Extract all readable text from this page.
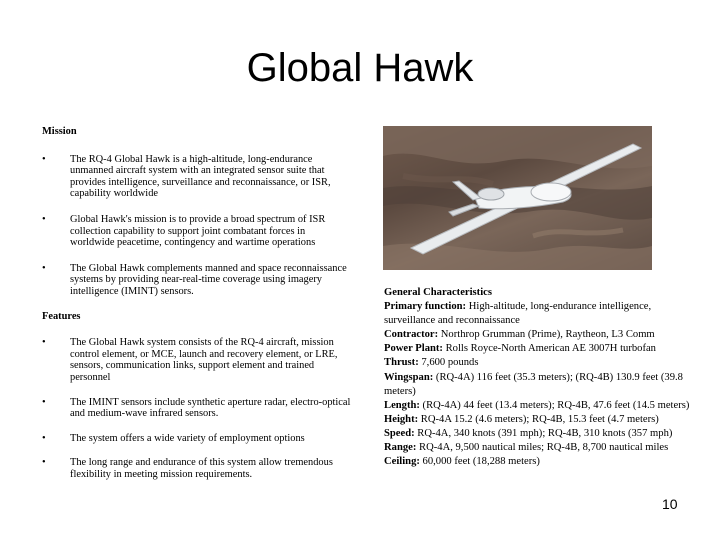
Global Hawk

Mission

• The RQ-4 Global Hawk is a high-altitude, long-endurance unmanned aircraft system with an integrated sensor suite that provides intelligence, surveillance and reconnaissance, or ISR, capability worldwide
• Global Hawk's mission is to provide a broad spectrum of ISR collection capability to support joint combatant forces in worldwide peacetime, contingency and wartime operations
• The Global Hawk complements manned and space reconnaissance systems by providing near-real-time coverage using imagery intelligence (IMINT) sensors.

Features

• The Global Hawk system consists of the RQ-4 aircraft, mission control element, or MCE, launch and recovery element, or LRE, sensors, communication links, support element and trained personnel
• The IMINT sensors include synthetic aperture radar, electro-optical and medium-wave infrared sensors.
• The system offers a wide variety of employment options
• The long range and endurance of this system allow tremendous flexibility in meeting mission requirements.

General Characteristics

Primary function: High-altitude, long-endurance intelligence, surveillance and reconnaissance

Contractor: Northrop Grumman (Prime), Raytheon, L3 Comm

Power Plant: Rolls Royce-North American AE 3007H turbofan

Thrust: 7,600 pounds

Wingspan: (RQ-4A) 116 feet (35.3 meters); (RQ-4B) 130.9 feet (39.8 meters)

Length: (RQ-4A) 44 feet (13.4 meters); RQ-4B, 47.6 feet (14.5 meters)

Height: RQ-4A 15.2 (4.6 meters); RQ-4B, 15.3 feet (4.7 meters)

Speed: RQ-4A, 340 knots (391 mph); RQ-4B, 310 knots (357 mph)

Range: RQ-4A, 9,500 nautical miles; RQ-4B, 8,700 nautical miles

Ceiling: 60,000 feet (18,288 meters)

10
